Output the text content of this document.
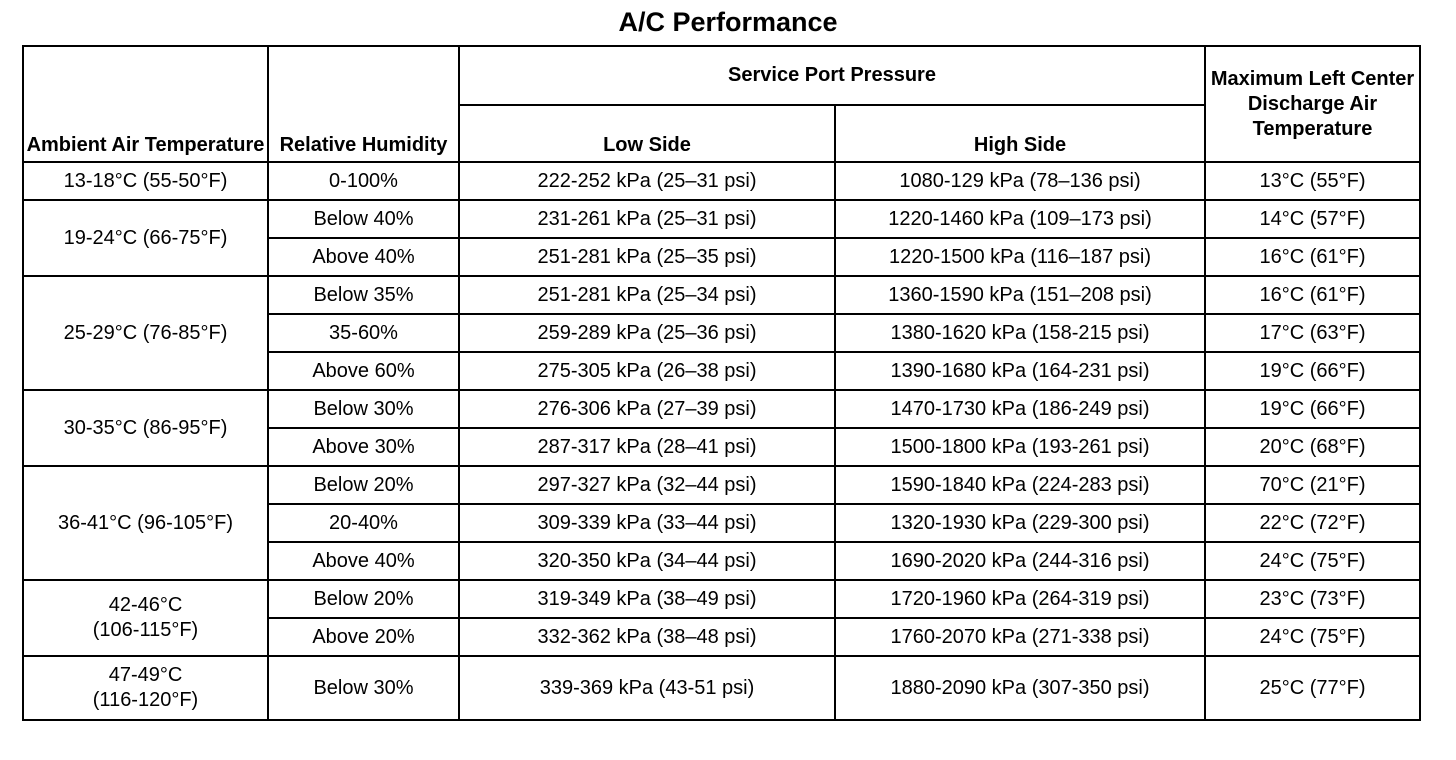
A/C Performance
Ambient Air Temperature	Relative Humidity	Service Port Pressure		Maximum Left Center Discharge Air Temperature
		Low Side	High Side	
13-18°C (55-50°F)	0-100%	222-252 kPa (25–31 psi)	1080-129 kPa (78–136 psi)	13°C (55°F)
19-24°C (66-75°F)	Below 40%	231-261 kPa (25–31 psi)	1220-1460 kPa (109–173 psi)	14°C (57°F)
	Above 40%	251-281 kPa (25–35 psi)	1220-1500 kPa (116–187 psi)	16°C (61°F)
25-29°C (76-85°F)	Below 35%	251-281 kPa (25–34 psi)	1360-1590 kPa (151–208 psi)	16°C (61°F)
	35-60%	259-289 kPa (25–36 psi)	1380-1620 kPa (158-215 psi)	17°C (63°F)
	Above 60%	275-305 kPa (26–38 psi)	1390-1680 kPa (164-231 psi)	19°C (66°F)
30-35°C (86-95°F)	Below 30%	276-306 kPa (27–39 psi)	1470-1730 kPa (186-249 psi)	19°C (66°F)
	Above 30%	287-317 kPa (28–41 psi)	1500-1800 kPa (193-261 psi)	20°C (68°F)
36-41°C (96-105°F)	Below 20%	297-327 kPa (32–44 psi)	1590-1840 kPa (224-283 psi)	70°C (21°F)
	20-40%	309-339 kPa (33–44 psi)	1320-1930 kPa (229-300 psi)	22°C (72°F)
	Above 40%	320-350 kPa (34–44 psi)	1690-2020 kPa (244-316 psi)	24°C (75°F)

42-46°C
(106-115°F)	Below 20%	319-349 kPa (38–49 psi)	1720-1960 kPa (264-319 psi)	23°C (73°F)
	Above 20%	332-362 kPa (38–48 psi)	1760-2070 kPa (271-338 psi)	24°C (75°F)

47-49°C
(116-120°F)	Below 30%	339-369 kPa (43-51 psi)	1880-2090 kPa (307-350 psi)	25°C (77°F)
